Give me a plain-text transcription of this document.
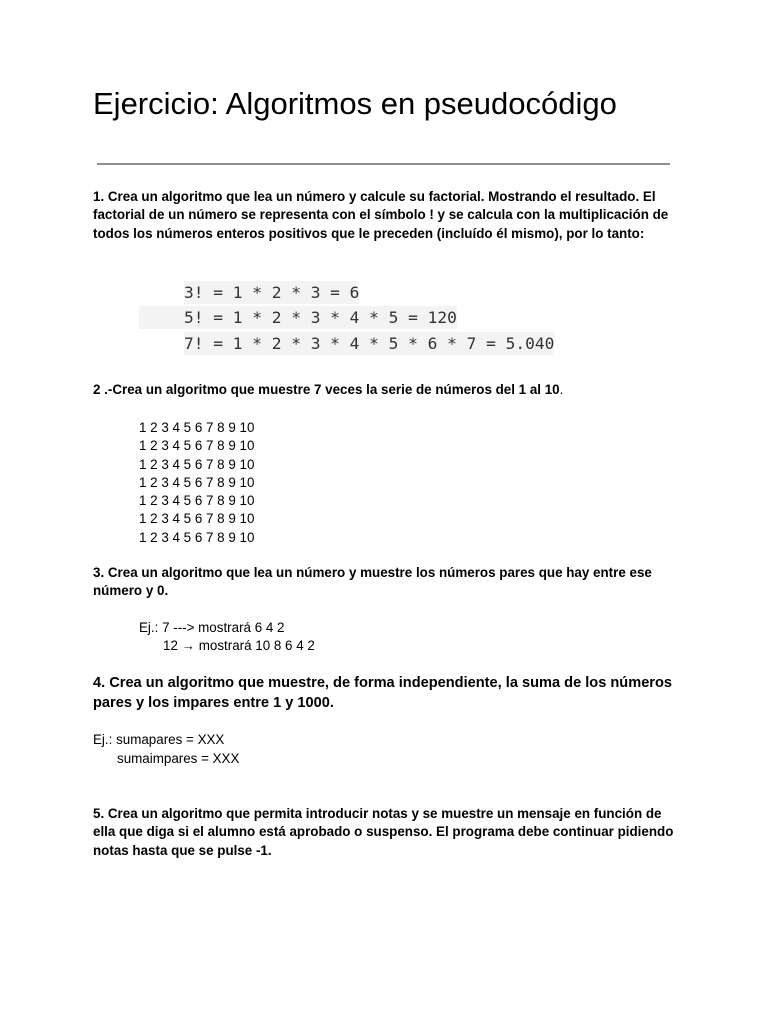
Ejercicio: Algoritmos en pseudocódigo

1. Crea un algoritmo que lea un número y calcule su factorial. Mostrando el resultado. El factorial de un número se representa con el símbolo ! y se calcula con la multiplicación de todos los números enteros positivos que le preceden (incluído él mismo), por lo tanto:

3! = 1 * 2 * 3 = 6
5! = 1 * 2 * 3 * 4 * 5 = 120
7! = 1 * 2 * 3 * 4 * 5 * 6 * 7 = 5.040

2 .-Crea un algoritmo que muestre 7 veces la serie de números del 1 al 10.

1 2 3 4 5 6 7 8 9 10
1 2 3 4 5 6 7 8 9 10
1 2 3 4 5 6 7 8 9 10
1 2 3 4 5 6 7 8 9 10
1 2 3 4 5 6 7 8 9 10
1 2 3 4 5 6 7 8 9 10
1 2 3 4 5 6 7 8 9 10

3. Crea un algoritmo que lea un número y muestre los números pares que hay entre ese número y 0.

Ej.: 7 ---> mostrará 6 4 2

12 → mostrará 10 8 6 4 2

4. Crea un algoritmo que muestre, de forma independiente, la suma de los números pares y los impares entre 1 y 1000.

Ej.: sumapares = XXX

sumaimpares = XXX

5. Crea un algoritmo que permita introducir notas y se muestre un mensaje en función de ella que diga si el alumno está aprobado o suspenso. El programa debe continuar pidiendo notas hasta que se pulse -1.
